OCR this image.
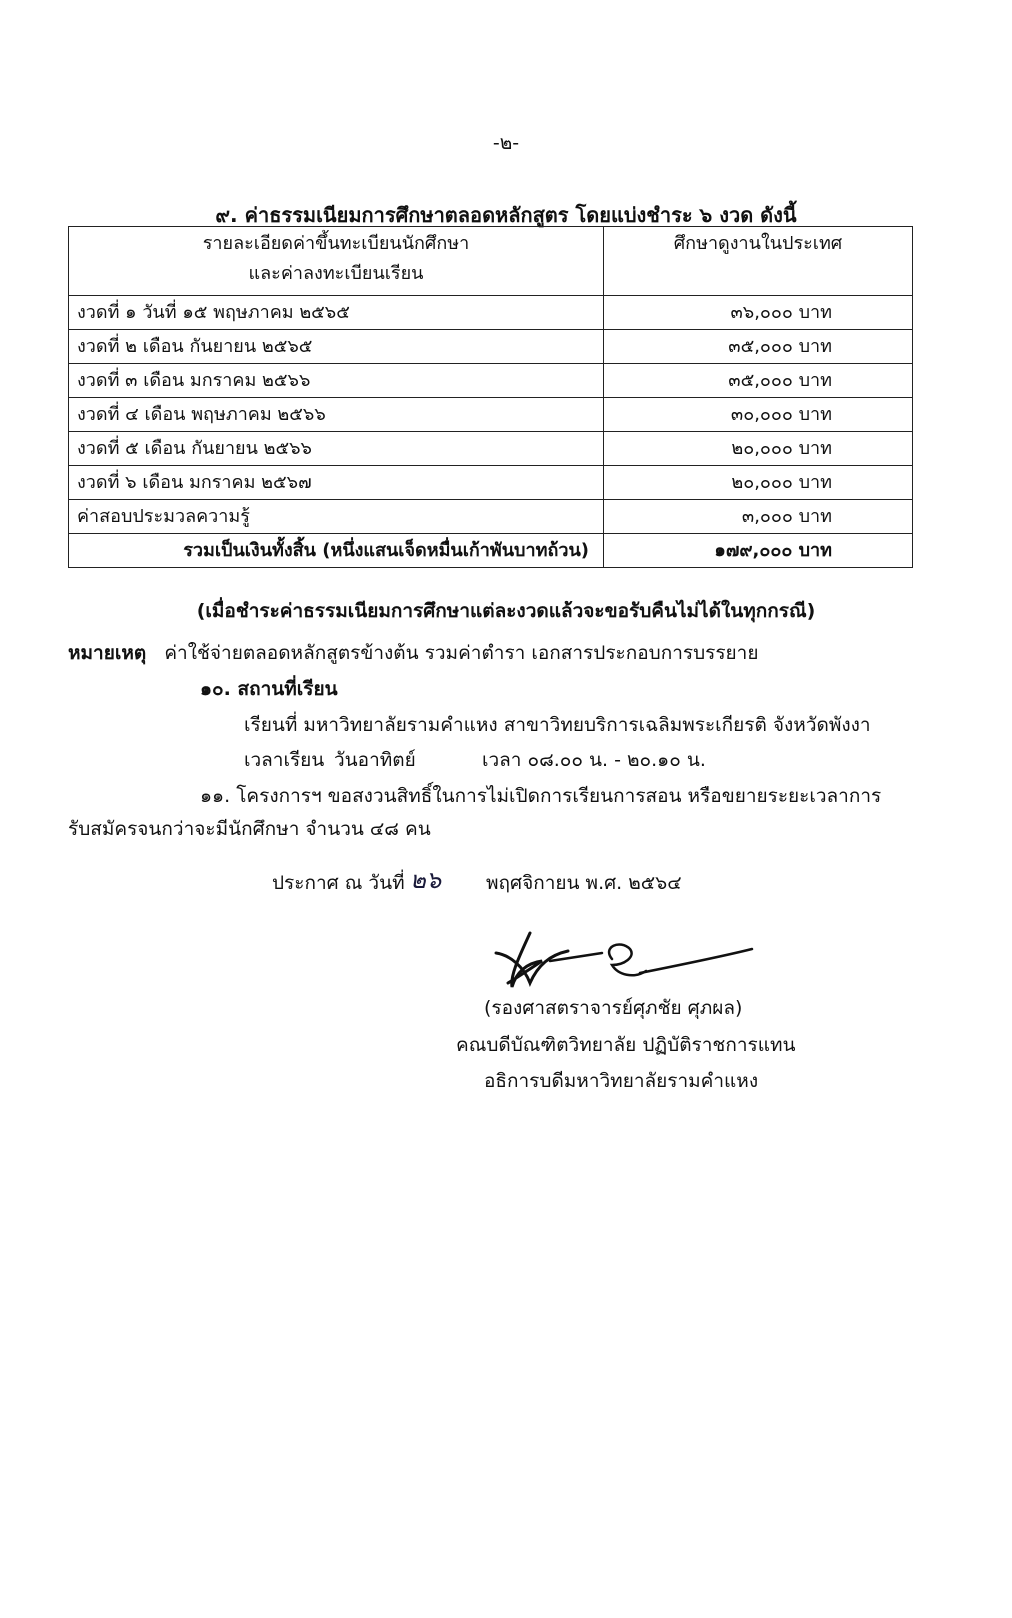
-๒-
๙. ค่าธรรมเนียมการศึกษาตลอดหลักสูตร โดยแบ่งชำระ ๖ งวด ดังนี้
รายละเอียดค่าขึ้นทะเบียนนักศึกษา
และค่าลงทะเบียนเรียน	ศึกษาดูงานในประเทศ
งวดที่ ๑ วันที่ ๑๕ พฤษภาคม ๒๕๖๕	๓๖,๐๐๐ บาท
งวดที่ ๒ เดือน กันยายน ๒๕๖๕	๓๕,๐๐๐ บาท
งวดที่ ๓ เดือน มกราคม ๒๕๖๖	๓๕,๐๐๐ บาท
งวดที่ ๔ เดือน พฤษภาคม ๒๕๖๖	๓๐,๐๐๐ บาท
งวดที่ ๕ เดือน กันยายน ๒๕๖๖	๒๐,๐๐๐ บาท
งวดที่ ๖ เดือน มกราคม ๒๕๖๗	๒๐,๐๐๐ บาท
ค่าสอบประมวลความรู้	๓,๐๐๐ บาท
รวมเป็นเงินทั้งสิ้น (หนึ่งแสนเจ็ดหมื่นเก้าพันบาทถ้วน)	๑๗๙,๐๐๐ บาท
(เมื่อชำระค่าธรรมเนียมการศึกษาแต่ละงวดแล้วจะขอรับคืนไม่ได้ในทุกกรณี)
หมายเหตุ ค่าใช้จ่ายตลอดหลักสูตรข้างต้น รวมค่าตำรา เอกสารประกอบการบรรยาย
๑๐. สถานที่เรียน
เรียนที่ มหาวิทยาลัยรามคำแหง สาขาวิทยบริการเฉลิมพระเกียรติ จังหวัดพังงา
เวลาเรียน วันอาทิตย์	เวลา ๐๘.๐๐ น. - ๒๐.๑๐ น.
๑๑. โครงการฯ ขอสงวนสิทธิ์ในการไม่เปิดการเรียนการสอน หรือขยายระยะเวลาการ
รับสมัครจนกว่าจะมีนักศึกษา จำนวน ๔๘ คน
ประกาศ ณ วันที่ ๒๖ พฤศจิกายน พ.ศ. ๒๕๖๔
(รองศาสตราจารย์ศุภชัย ศุภผล)
คณบดีบัณฑิตวิทยาลัย ปฏิบัติราชการแทน
อธิการบดีมหาวิทยาลัยรามคำแหง
